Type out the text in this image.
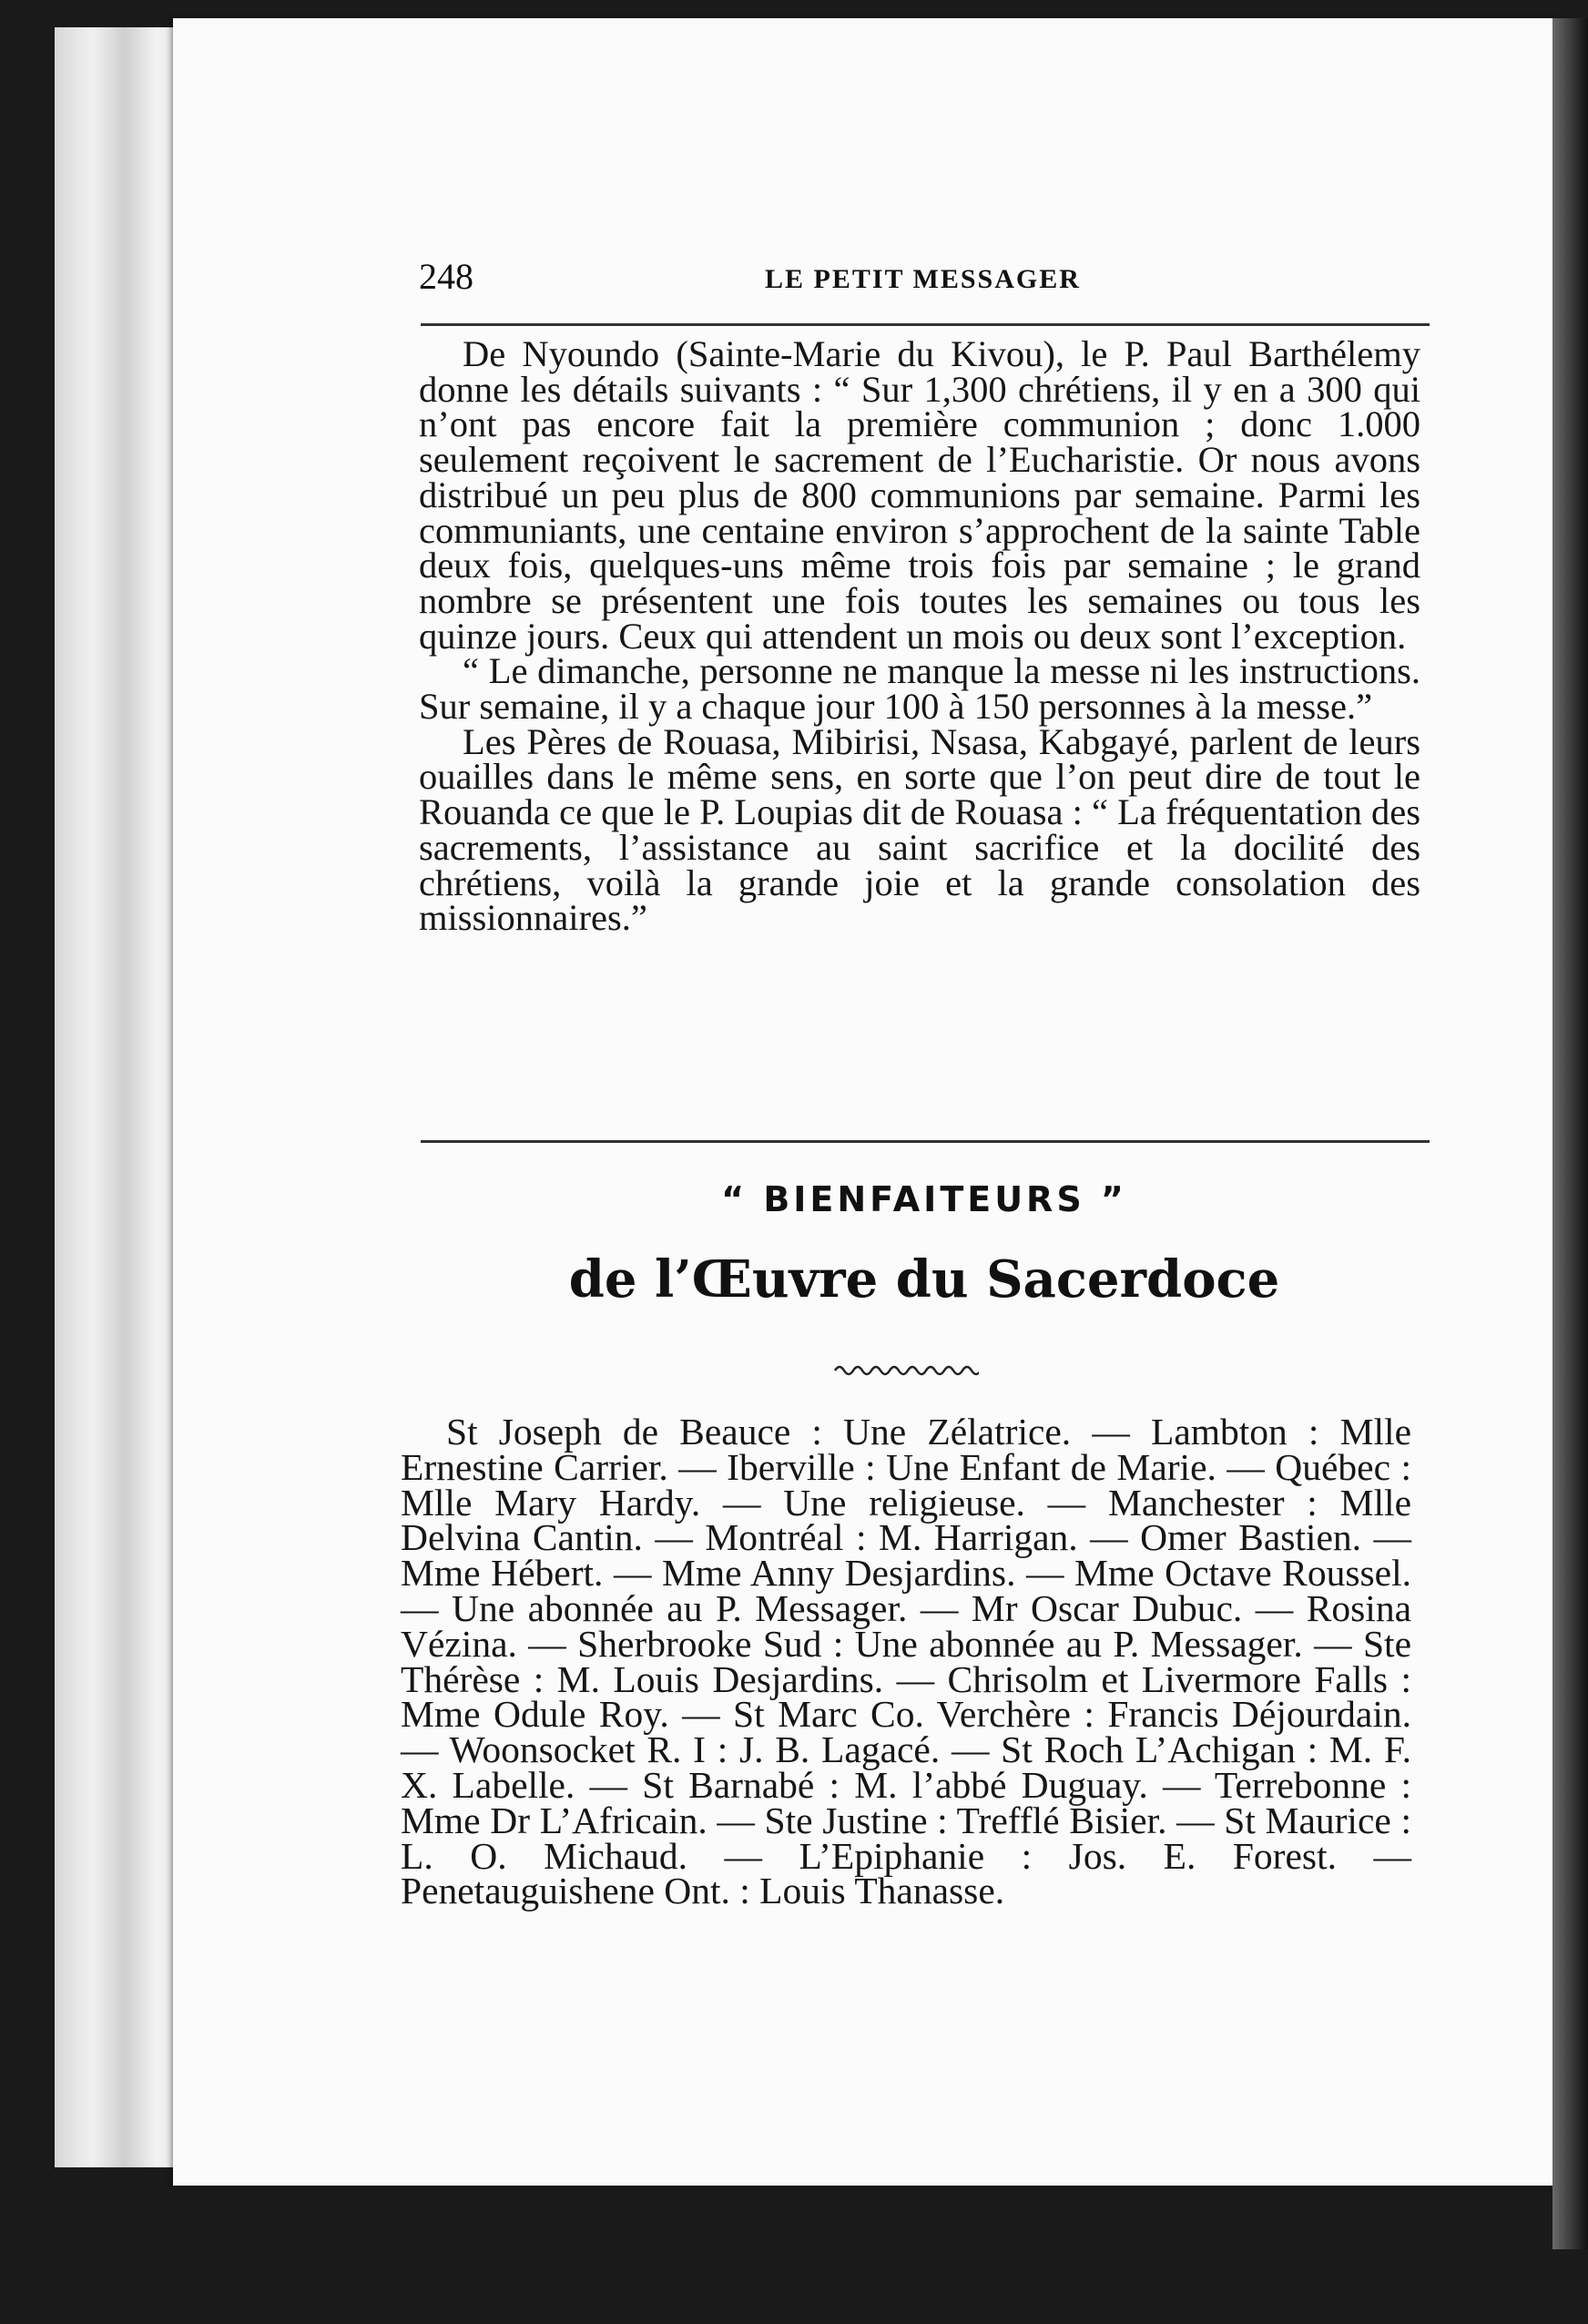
248	LE PETIT MESSAGER

De Nyoundo (Sainte-Marie du Kivou), le P. Paul Barthélemy donne les détails suivants : “ Sur 1,300 chrétiens, il y en a 300 qui n’ont pas encore fait la première communion ; donc 1.000 seulement reçoivent le sacrement de l’Eucharistie. Or nous avons distribué un peu plus de 800 communions par semaine. Parmi les communiants, une centaine environ s’approchent de la sainte Table deux fois, quelques-uns même trois fois par semaine ; le grand nombre se présentent une fois toutes les semaines ou tous les quinze jours. Ceux qui attendent un mois ou deux sont l’exception.

“ Le dimanche, personne ne manque la messe ni les instructions. Sur semaine, il y a chaque jour 100 à 150 personnes à la messe.”

Les Pères de Rouasa, Mibirisi, Nsasa, Kabgayé, parlent de leurs ouailles dans le même sens, en sorte que l’on peut dire de tout le Rouanda ce que le P. Loupias dit de Rouasa : “ La fréquentation des sacrements, l’assistance au saint sacrifice et la docilité des chrétiens, voilà la grande joie et la grande consolation des missionnaires.”

“ BIENFAITEURS ”
de l’Œuvre du Sacerdoce
St Joseph de Beauce : Une Zélatrice. — Lambton : Mlle Ernestine Carrier. — Iberville : Une Enfant de Marie. — Québec : Mlle Mary Hardy. — Une religieuse. — Manchester : Mlle Delvina Cantin. — Montréal : M. Harrigan. — Omer Bastien. — Mme Hébert. — Mme Anny Desjardins. — Mme Octave Roussel. — Une abonnée au P. Messager. — Mr Oscar Dubuc. — Rosina Vézina. — Sherbrooke Sud : Une abonnée au P. Messager. — Ste Thérèse : M. Louis Desjardins. — Chrisolm et Livermore Falls : Mme Odule Roy. — St Marc Co. Verchère : Francis Déjourdain. — Woonsocket R. I : J. B. Lagacé. — St Roch L’Achigan : M. F. X. Labelle. — St Barnabé : M. l’abbé Duguay. — Terrebonne : Mme Dr L’Africain. — Ste Justine : Trefflé Bisier. — St Maurice : L. O. Michaud. — L’Epiphanie : Jos. E. Forest. — Penetauguishene Ont. : Louis Thanasse.
